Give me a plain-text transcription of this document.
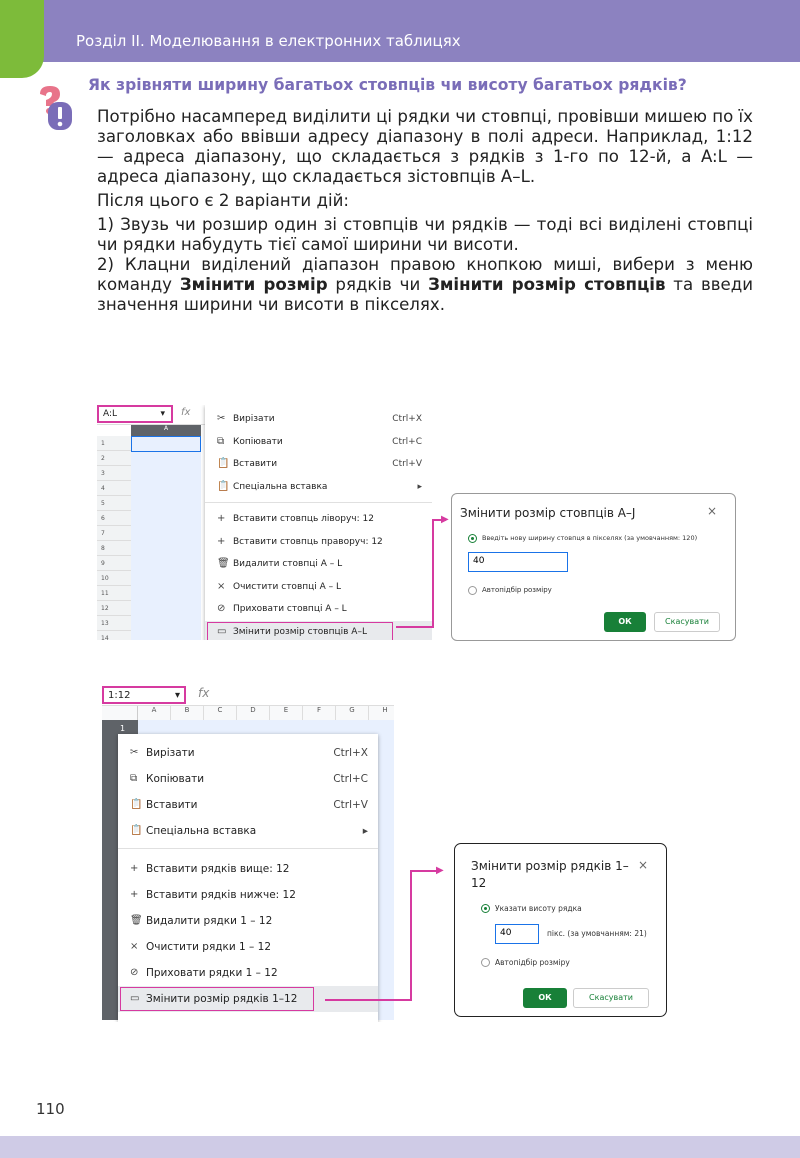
Розділ ІІ. Моделювання в електронних таблицях
Як зрівняти ширину багатьох стовпців чи висоту багатьох рядків?

Потрібно насамперед виділити ці рядки чи стовпці, провівши мишею по їх заголовках або ввівши адресу діапазону в полі адреси. Наприклад, 1:12 — адреса діапазону, що складається з рядків з 1-го по 12-й, а A:L — адреса діапазону, що складається зістовпців A–L.

Після цього є 2 варіанти дій:

1) Звузь чи розшир один зі стовпців чи рядків — тоді всі виділені стовпці чи рядки набудуть тієї самої ширини чи висоти.

2) Клацни виділений діапазон правою кнопкою миші, вибери з меню команду Змінити розмір рядків чи Змінити розмір стовпців та введи значення ширини чи висоти в пікселях.

A:L	▾ fx
A
1
2
3
4
5
6
7
8
9
10
11
12
13
14
✂ Вирізати	Ctrl+X
⧉ Копіювати	Ctrl+C
📋 Вставити	Ctrl+V
📋 Спеціальна вставка	▸
+ Вставити стовпць ліворуч: 12
+ Вставити стовпць праворуч: 12
🗑 Видалити стовпці A – L
× Очистити стовпці A – L
⊘ Приховати стовпці A – L
▭ Змінити розмір стовпців A–L
▶ Змінити розмір стовпців A–J	×
Введіть нову ширину стовпця в пікселях (за умовчанням: 120)
40
Автопідбір розміру
ОК	Скасувати
1:12	▾ fx
A	B	C	D	E	F	G	H
1
✂ Вирізати	Ctrl+X
⧉ Копіювати	Ctrl+C
📋 Вставити	Ctrl+V
📋 Спеціальна вставка	▸
+ Вставити рядків вище: 12
+ Вставити рядків нижче: 12
🗑 Видалити рядки 1 – 12
× Очистити рядки 1 – 12
⊘ Приховати рядки 1 – 12
▭ Змінити розмір рядків 1–12
▶ Змінити розмір рядків 1– 12
×
Указати висоту рядка
40	пікс. (за умовчанням: 21)
Автопідбір розміру
ОК	Скасувати
110
